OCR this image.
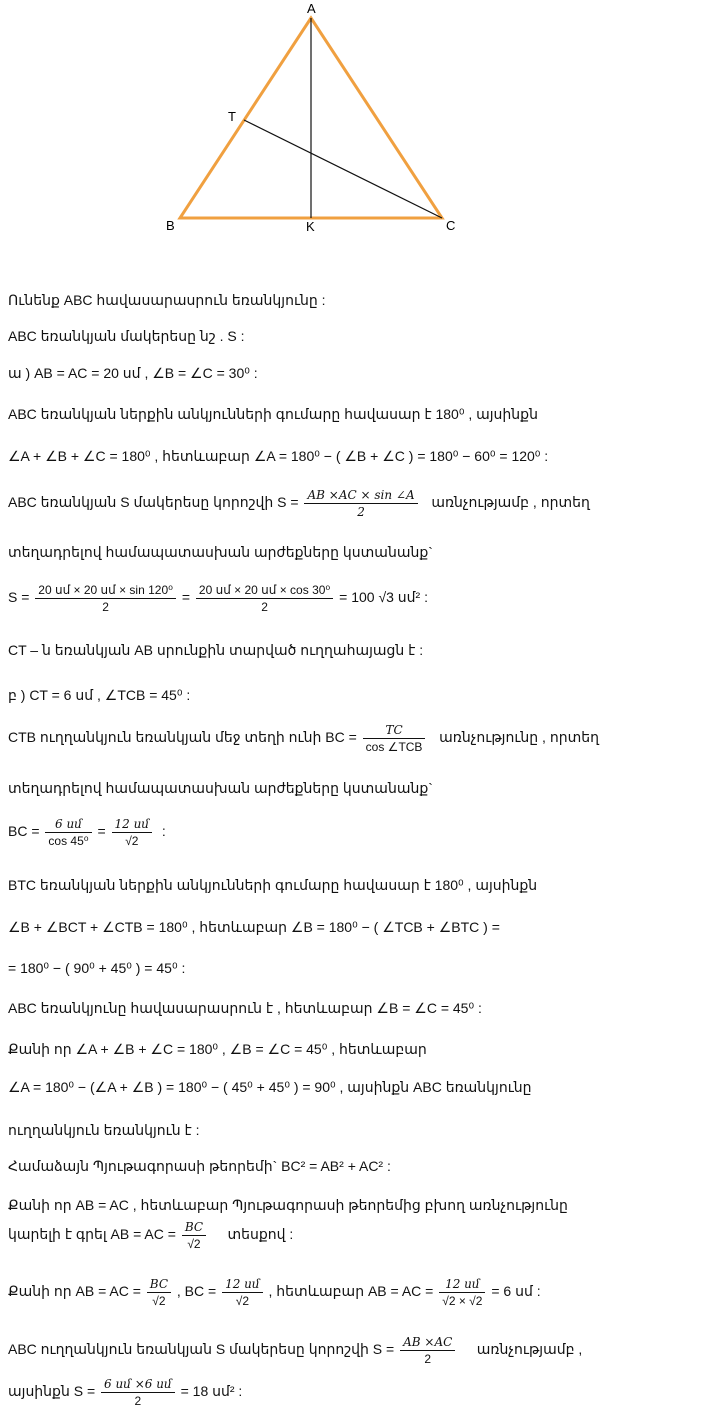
A
T
B	K	C
Ունենք ABC հավասարասրուն եռանկյունը :
ABC եռանկյան մակերեսը նշ . S :
ա ) AB = AC = 20 սմ , ∠B = ∠C = 30⁰ :
ABC եռանկյան ներքին անկյունների գումարը հավասար է 180⁰ , այսինքն
∠A + ∠B + ∠C = 180⁰ , հետևաբար ∠A = 180⁰ − ( ∠B + ∠C ) = 180⁰ − 60⁰ = 120⁰ :
ABC եռանկյան S մակերեսը կորոշվի $S = \frac{AB \times AC \times \sin \angle A}{2}$ առնչությամբ , որտեղ
տեղադրելով համապատասխան արժեքները կստանանք`
$S = \frac{\text{20 սմ × 20 սմ × sin 120⁰}}{2} = \frac{\text{20 սմ × 20 սմ × cos 30⁰}}{2} = 100$ √3 սմ² :
CT – ն եռանկյան AB սրունքին տարված ուղղահայացն է :
բ ) CT = 6 սմ , ∠TCB = 45⁰ :
CTB ուղղանկյուն եռանկյան մեջ տեղի ունի BC = $\frac{TC}{\text{cos ∠TCB}}$ առնչությունը , որտեղ
տեղադրելով համապատասխան արժեքները կստանանք`
BC = $\frac{\text{6 սմ}}{\text{cos 45⁰}} = \frac{\text{12 սմ}}{√2}$ :
BTC եռանկյան ներքին անկյունների գումարը հավասար է 180⁰ , այսինքն
∠B + ∠BCT + ∠CTB = 180⁰ , հետևաբար ∠B = 180⁰ − ( ∠TCB + ∠BTC ) =
= 180⁰ − ( 90⁰ + 45⁰ ) = 45⁰ :
ABC եռանկյունը հավասարասրուն է , հետևաբար ∠B = ∠C = 45⁰ :
Քանի որ ∠A + ∠B + ∠C = 180⁰ , ∠B = ∠C = 45⁰ , հետևաբար
∠A = 180⁰ − (∠A + ∠B ) = 180⁰ − ( 45⁰ + 45⁰ ) = 90⁰ , այսինքն ABC եռանկյունը
ուղղանկյուն եռանկյուն է :
Համաձայն Պյութագորասի թեորեմի` BC² = AB² + AC² :
Քանի որ AB = AC , հետևաբար Պյութագորասի թեորեմից բխող առնչությունը
կարելի է գրել AB = AC = $\frac{BC}{√2}$ տեսքով :
Քանի որ AB = AC = $\frac{BC}{√2}$ , BC = $\frac{\text{12 սմ}}{√2}$ , հետևաբար AB = AC = $\frac{\text{12 սմ}}{√2 \times √2} = 6$ սմ :
ABC ուղղանկյուն եռանկյան S մակերեսը կորոշվի $S = \frac{AB \times AC}{2}$ առնչությամբ ,
այսինքն $S = \frac{\text{6 սմ ×6 սմ}}{2} = 18$ սմ² :
